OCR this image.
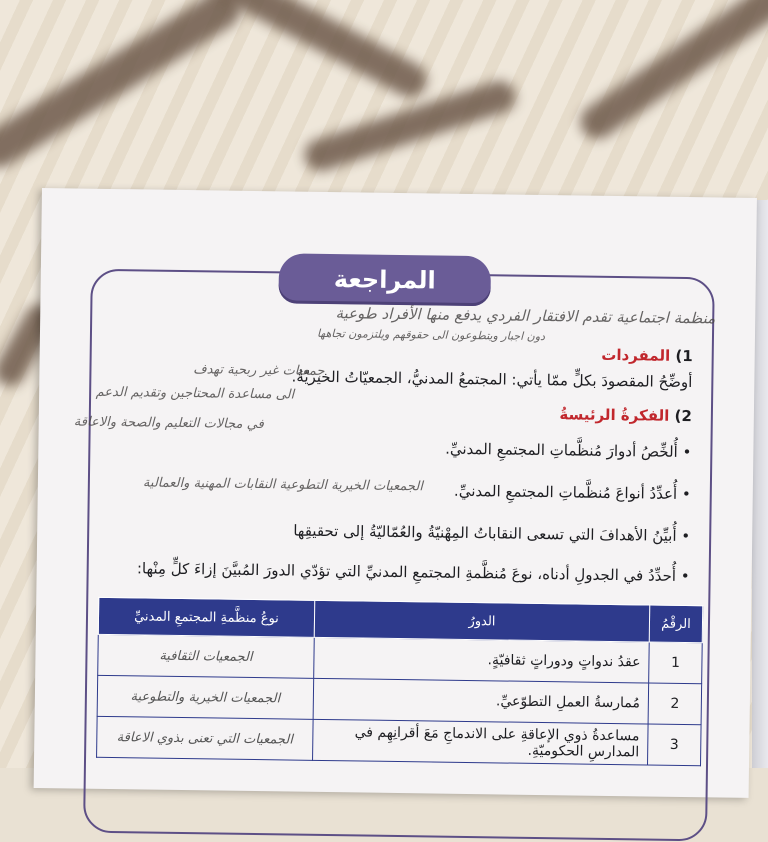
المراجعة
منظمة اجتماعية تقدم الافتقار الفردي يدفع منها الأفراد طوعية
دون اجبار ويتطوعون الى حقوقهم ويلتزمون تجاهها
1) المفردات
أوضِّحُ المقصودَ بكلٍّ ممّا يأتي: المجتمعُ المدنيُّ، الجمعيّاتُ الخيريّةُ.
جمعيات غير ربحية تهدف
الى مساعدة المحتاجين وتقديم الدعم
في مجالات التعليم والصحة والاعاقة	2) الفكرةُ الرئيسةُ
• أُلخِّصُ أدوارَ مُنظَّماتِ المجتمعِ المدنيِّ.
• أُعدِّدُ أنواعَ مُنظَّماتِ المجتمعِ المدنيِّ.
الجمعيات الخيرية التطوعية النقابات المهنية والعمالية
• أُبيِّنُ الأهدافَ التي تسعى النقاباتُ المِهْنيّةُ والعُمّاليّةُ إلى تحقيقِها
• أُحدِّدُ في الجدولِ أدناه، نوعَ مُنظَّمةِ المجتمعِ المدنيِّ التي تؤدّي الدورَ المُبيَّنَ إزاءَ كلٍّ مِنْها:
الرقْمُ	الدورُ	نوعُ منظَّمةِ المجتمعِ المدنيِّ
1	عقدُ ندواتٍ ودوراتٍ ثقافيّةٍ.	الجمعيات الثقافية
2	مُمارسةُ العملِ التطوّعيِّ.	الجمعيات الخيرية والتطوعية
3	مساعدةُ ذوي الإعاقةِ على الاندماجِ مَعَ أقرانِهِم في المدارسِ الحكوميّةِ.	الجمعيات التي تعنى بذوي الاعاقة
